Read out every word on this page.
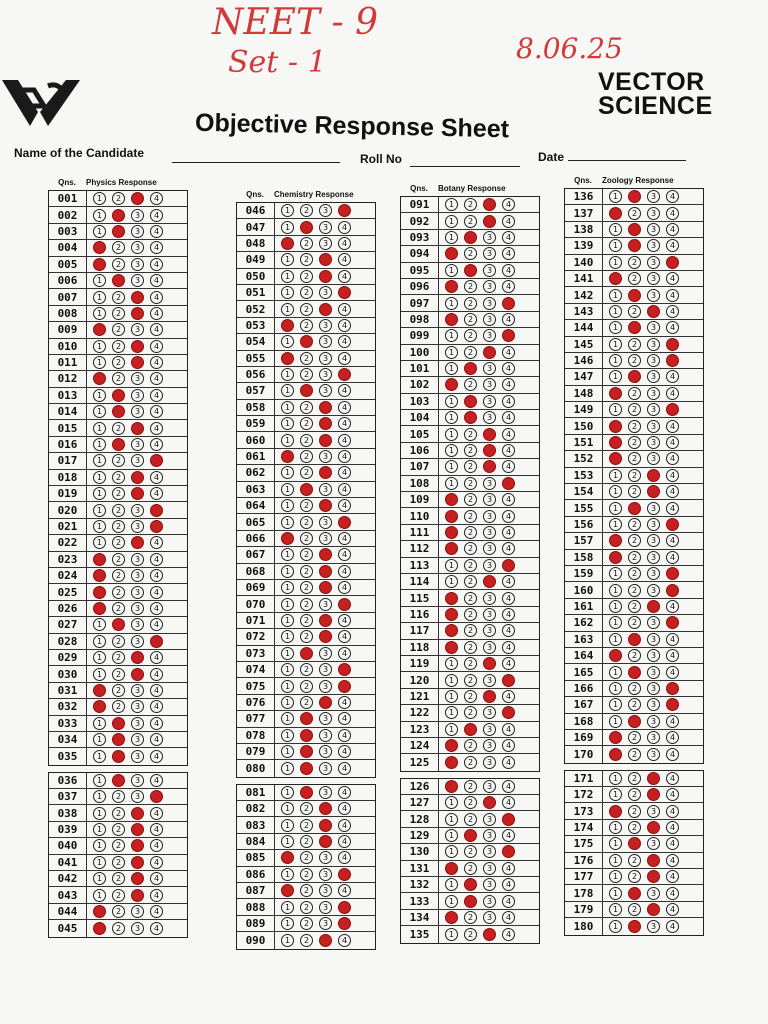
NEET - 9
Set - 1	8.06.25
VECTOR
SCIENCE
Objective Response Sheet
Name of the Candidate	Roll No	Date
Qns. Physics Response
001	1	2	3	4
002	1	2	3	4
003	1	2	3	4
004	1	2	3	4
005	1	2	3	4
006	1	2	3	4
007	1	2	3	4
008	1	2	3	4
009	1	2	3	4
010	1	2	3	4
011	1	2	3	4
012	1	2	3	4
013	1	2	3	4
014	1	2	3	4
015	1	2	3	4
016	1	2	3	4
017	1	2	3	4
018	1	2	3	4
019	1	2	3	4
020	1	2	3	4
021	1	2	3	4
022	1	2	3	4
023	1	2	3	4
024	1	2	3	4
025	1	2	3	4
026	1	2	3	4
027	1	2	3	4
028	1	2	3	4
029	1	2	3	4
030	1	2	3	4
031	1	2	3	4
032	1	2	3	4
033	1	2	3	4
034	1	2	3	4
035	1	2	3	4
036	1	2	3	4
037	1	2	3	4
038	1	2	3	4
039	1	2	3	4
040	1	2	3	4
041	1	2	3	4
042	1	2	3	4
043	1	2	3	4
044	1	2	3	4
045	1	2	3	4
Qns. Chemistry Response
046	1	2	3	4
047	1	2	3	4
048	1	2	3	4
049	1	2	3	4
050	1	2	3	4
051	1	2	3	4
052	1	2	3	4
053	1	2	3	4
054	1	2	3	4
055	1	2	3	4
056	1	2	3	4
057	1	2	3	4
058	1	2	3	4
059	1	2	3	4
060	1	2	3	4
061	1	2	3	4
062	1	2	3	4
063	1	2	3	4
064	1	2	3	4
065	1	2	3	4
066	1	2	3	4
067	1	2	3	4
068	1	2	3	4
069	1	2	3	4
070	1	2	3	4
071	1	2	3	4
072	1	2	3	4
073	1	2	3	4
074	1	2	3	4
075	1	2	3	4
076	1	2	3	4
077	1	2	3	4
078	1	2	3	4
079	1	2	3	4
080	1	2	3	4
081	1	2	3	4
082	1	2	3	4
083	1	2	3	4
084	1	2	3	4
085	1	2	3	4
086	1	2	3	4
087	1	2	3	4
088	1	2	3	4
089	1	2	3	4
090	1	2	3	4
Qns. Botany Response
091	1	2	3	4
092	1	2	3	4
093	1	2	3	4
094	1	2	3	4
095	1	2	3	4
096	1	2	3	4
097	1	2	3	4
098	1	2	3	4
099	1	2	3	4
100	1	2	3	4
101	1	2	3	4
102	1	2	3	4
103	1	2	3	4
104	1	2	3	4
105	1	2	3	4
106	1	2	3	4
107	1	2	3	4
108	1	2	3	4
109	1	2	3	4
110	1	2	3	4
111	1	2	3	4
112	1	2	3	4
113	1	2	3	4
114	1	2	3	4
115	1	2	3	4
116	1	2	3	4
117	1	2	3	4
118	1	2	3	4
119	1	2	3	4
120	1	2	3	4
121	1	2	3	4
122	1	2	3	4
123	1	2	3	4
124	1	2	3	4
125	1	2	3	4
126	1	2	3	4
127	1	2	3	4
128	1	2	3	4
129	1	2	3	4
130	1	2	3	4
131	1	2	3	4
132	1	2	3	4
133	1	2	3	4
134	1	2	3	4
135	1	2	3	4
Qns. Zoology Response
136	1	2	3	4
137	1	2	3	4
138	1	2	3	4
139	1	2	3	4
140	1	2	3	4
141	1	2	3	4
142	1	2	3	4
143	1	2	3	4
144	1	2	3	4
145	1	2	3	4
146	1	2	3	4
147	1	2	3	4
148	1	2	3	4
149	1	2	3	4
150	1	2	3	4
151	1	2	3	4
152	1	2	3	4
153	1	2	3	4
154	1	2	3	4
155	1	2	3	4
156	1	2	3	4
157	1	2	3	4
158	1	2	3	4
159	1	2	3	4
160	1	2	3	4
161	1	2	3	4
162	1	2	3	4
163	1	2	3	4
164	1	2	3	4
165	1	2	3	4
166	1	2	3	4
167	1	2	3	4
168	1	2	3	4
169	1	2	3	4
170	1	2	3	4
171	1	2	3	4
172	1	2	3	4
173	1	2	3	4
174	1	2	3	4
175	1	2	3	4
176	1	2	3	4
177	1	2	3	4
178	1	2	3	4
179	1	2	3	4
180	1	2	3	4
